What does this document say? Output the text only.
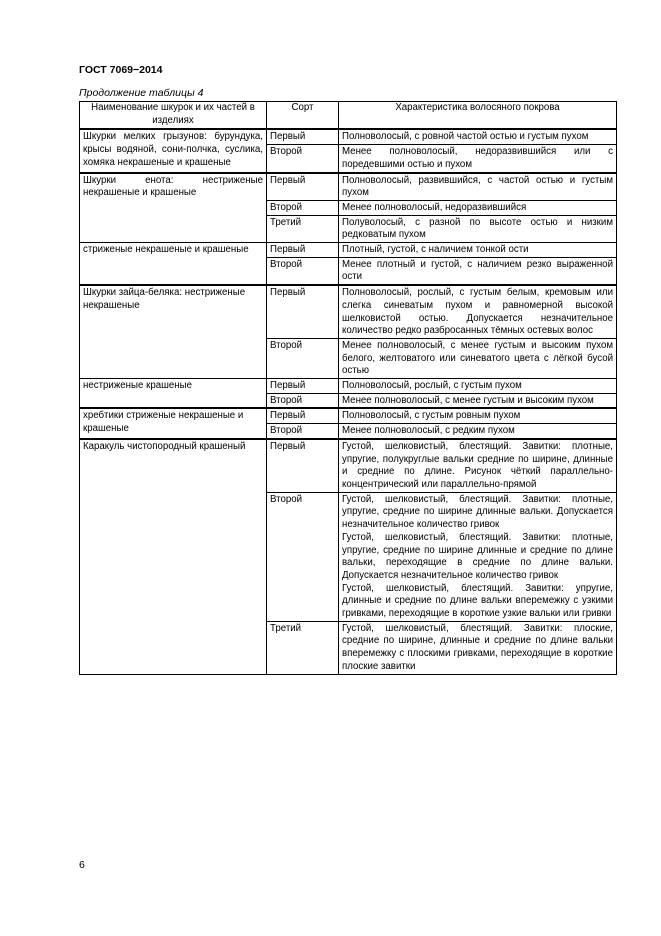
ГОСТ 7069−2014
Продолжение таблицы 4
Наименование шкурок и их частей в изделиях	Сорт	Характеристика волосяного покрова
Шкурки мелких грызунов: бурундука, крысы водяной, сони-полчка, суслика, хомяка некрашеные и крашеные	Первый	Полноволосый, с ровной частой остью и густым пухом
	Второй	Менее полноволосый, недоразвившийся или с поредевшими остью и пухом
Шкурки енота: нестриженые некрашеные и крашеные	Первый	Полноволосый, развившийся, с частой остью и густым пухом
	Второй	Менее полноволосый, недоразвившийся
	Третий	Полуволосый, с разной по высоте остью и низким редковатым пухом
стриженые некрашеные и крашеные	Первый	Плотный, густой, с наличием тонкой ости
	Второй	Менее плотный и густой, с наличием резко выраженной ости
Шкурки зайца-беляка: нестриженые некрашеные	Первый	Полноволосый, рослый, с густым белым, кремовым или слегка синеватым пухом и равномерной высокой шелковистой остью. Допускается незначительное количество редко разбросанных тёмных остевых волос
	Второй	Менее полноволосый, с менее густым и высоким пухом белого, желтоватого или синеватого цвета с лёгкой бусой остью
нестриженые крашеные	Первый	Полноволосый, рослый, с густым пухом
	Второй	Менее полноволосый, с менее густым и высоким пухом
хребтики стриженые некрашеные и крашеные	Первый	Полноволосый, с густым ровным пухом
	Второй	Менее полноволосый, с редким пухом
Каракуль чистопородный крашеный	Первый	Густой, шелковистый, блестящий. Завитки: плотные, упругие, полукруглые вальки средние по ширине, длинные и средние по длине. Рисунок чёткий параллельно-концентрический или параллельно-прямой
	Второй	Густой, шелковистый, блестящий. Завитки: плотные, упругие, средние по ширине длинные вальки. Допускается незначительное количество гривок
Густой, шелковистый, блестящий. Завитки: плотные, упругие, средние по ширине длинные и средние по длине вальки, переходящие в средние по длине вальки. Допускается незначительное количество гривок
Густой, шелковистый, блестящий. Завитки: упругие, длинные и средние по длине вальки вперемежку с узкими гривками, переходящие в короткие узкие вальки или гривки

	Третий	Густой, шелковистый, блестящий. Завитки: плоские, средние по ширине, длинные и средние по длине вальки вперемежку с плоскими гривками, переходящие в короткие плоские завитки
6
